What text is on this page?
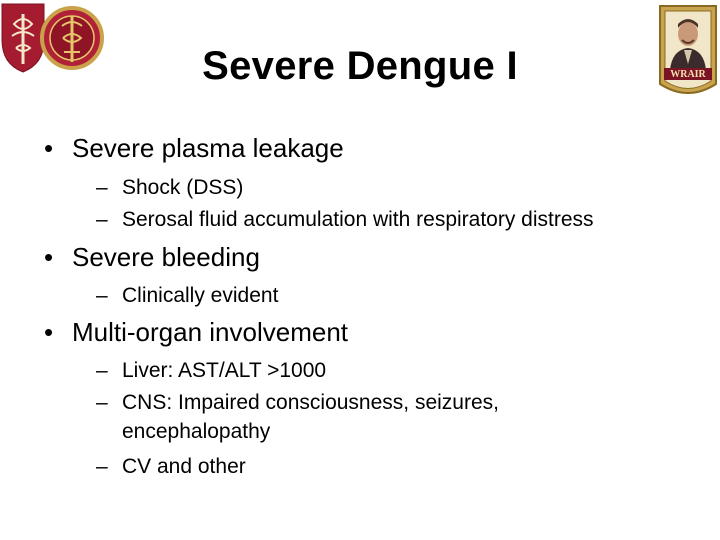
WRAIR
Severe Dengue I
• Severe plasma leakage
– Shock (DSS)
– Serosal fluid accumulation with respiratory distress
• Severe bleeding
– Clinically evident
• Multi-organ involvement
– Liver: AST/ALT >1000
– CNS: Impaired consciousness, seizures,
encephalopathy
– CV and other
